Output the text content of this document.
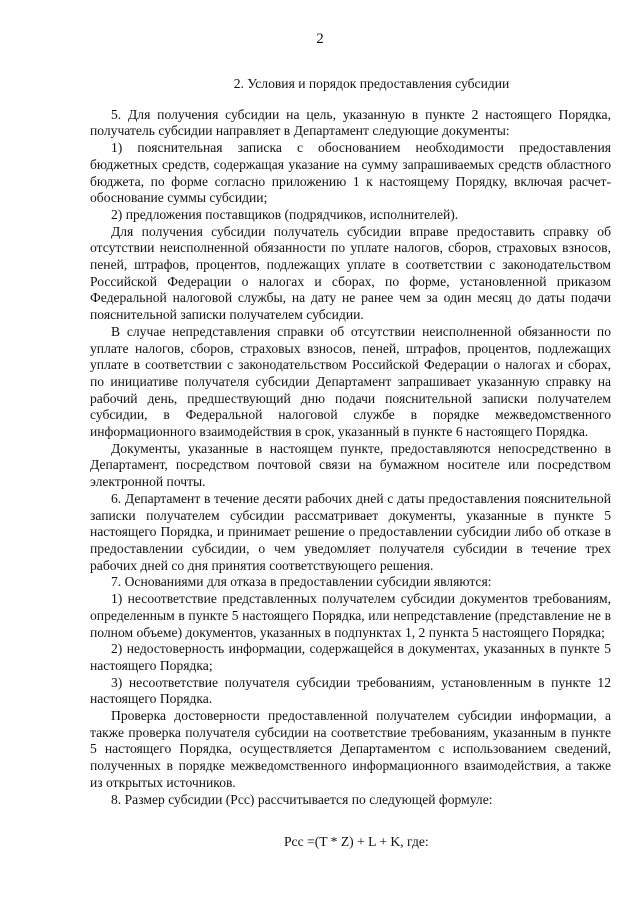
2
2. Условия и порядок предоставления субсидии

5. Для получения субсидии на цель, указанную в пункте 2 настоящего Порядка, получатель субсидии направляет в Департамент следующие документы:

1) пояснительная записка с обоснованием необходимости предоставления бюджетных средств, содержащая указание на сумму запрашиваемых средств областного бюджета, по форме согласно приложению 1 к настоящему Порядку, включая расчет-обоснование суммы субсидии;

2) предложения поставщиков (подрядчиков, исполнителей).

Для получения субсидии получатель субсидии вправе предоставить справку об отсутствии неисполненной обязанности по уплате налогов, сборов, страховых взносов, пеней, штрафов, процентов, подлежащих уплате в соответствии с законодательством Российской Федерации о налогах и сборах, по форме, установленной приказом Федеральной налоговой службы, на дату не ранее чем за один месяц до даты подачи пояснительной записки получателем субсидии.

В случае непредставления справки об отсутствии неисполненной обязанности по уплате налогов, сборов, страховых взносов, пеней, штрафов, процентов, подлежащих уплате в соответствии с законодательством Российской Федерации о налогах и сборах, по инициативе получателя субсидии Департамент запрашивает указанную справку на рабочий день, предшествующий дню подачи пояснительной записки получателем субсидии, в Федеральной налоговой службе в порядке межведомственного информационного взаимодействия в срок, указанный в пункте 6 настоящего Порядка.

Документы, указанные в настоящем пункте, предоставляются непосредственно в Департамент, посредством почтовой связи на бумажном носителе или посредством электронной почты.

6. Департамент в течение десяти рабочих дней с даты предоставления пояснительной записки получателем субсидии рассматривает документы, указанные в пункте 5 настоящего Порядка, и принимает решение о предоставлении субсидии либо об отказе в предоставлении субсидии, о чем уведомляет получателя субсидии в течение трех рабочих дней со дня принятия соответствующего решения.

7. Основаниями для отказа в предоставлении субсидии являются:

1) несоответствие представленных получателем субсидии документов требованиям, определенным в пункте 5 настоящего Порядка, или непредставление (представление не в полном объеме) документов, указанных в подпунктах 1, 2 пункта 5 настоящего Порядка;

2) недостоверность информации, содержащейся в документах, указанных в пункте 5 настоящего Порядка;

3) несоответствие получателя субсидии требованиям, установленным в пункте 12 настоящего Порядка.

Проверка достоверности предоставленной получателем субсидии информации, а также проверка получателя субсидии на соответствие требованиям, указанным в пункте 5 настоящего Порядка, осуществляется Департаментом с использованием сведений, полученных в порядке межведомственного информационного взаимодействия, а также из открытых источников.

8. Размер субсидии (Рсс) рассчитывается по следующей формуле:

Рсс =(T * Z) + L + K, где:
